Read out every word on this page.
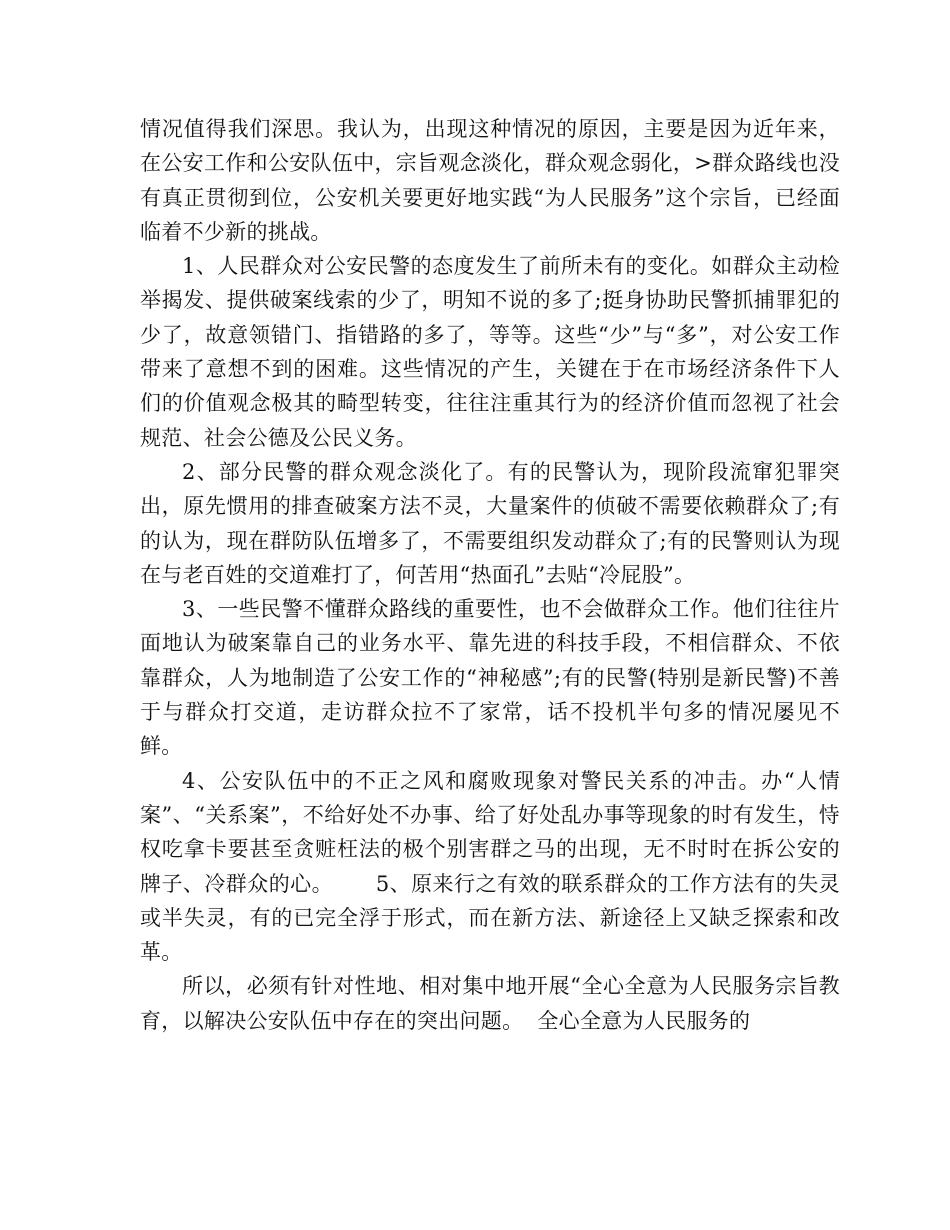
情况值得我们深思。我认为，出现这种情况的原因，主要是因为近年来，在公安工作和公安队伍中，宗旨观念淡化，群众观念弱化，>群众路线也没有真正贯彻到位，公安机关要更好地实践“为人民服务”这个宗旨，已经面临着不少新的挑战。

1、人民群众对公安民警的态度发生了前所未有的变化。如群众主动检举揭发、提供破案线索的少了，明知不说的多了;挺身协助民警抓捕罪犯的少了，故意领错门、指错路的多了，等等。这些“少”与“多”，对公安工作带来了意想不到的困难。这些情况的产生，关键在于在市场经济条件下人们的价值观念极其的畸型转变，往往注重其行为的经济价值而忽视了社会规范、社会公德及公民义务。

2、部分民警的群众观念淡化了。有的民警认为，现阶段流窜犯罪突出，原先惯用的排查破案方法不灵，大量案件的侦破不需要依赖群众了;有的认为，现在群防队伍增多了，不需要组织发动群众了;有的民警则认为现在与老百姓的交道难打了，何苦用“热面孔”去贴“冷屁股”。

3、一些民警不懂群众路线的重要性，也不会做群众工作。他们往往片面地认为破案靠自己的业务水平、靠先进的科技手段，不相信群众、不依靠群众，人为地制造了公安工作的“神秘感”;有的民警(特别是新民警)不善于与群众打交道，走访群众拉不了家常，话不投机半句多的情况屡见不鲜。

4、公安队伍中的不正之风和腐败现象对警民关系的冲击。办“人情案”、“关系案”，不给好处不办事、给了好处乱办事等现象的时有发生，恃权吃拿卡要甚至贪赃枉法的极个别害群之马的出现，无不时时在拆公安的牌子、冷群众的心。      5、原来行之有效的联系群众的工作方法有的失灵或半失灵，有的已完全浮于形式，而在新方法、新途径上又缺乏探索和改革。

所以，必须有针对性地、相对集中地开展“全心全意为人民服务宗旨教育，以解决公安队伍中存在的突出问题。  全心全意为人民服务的
